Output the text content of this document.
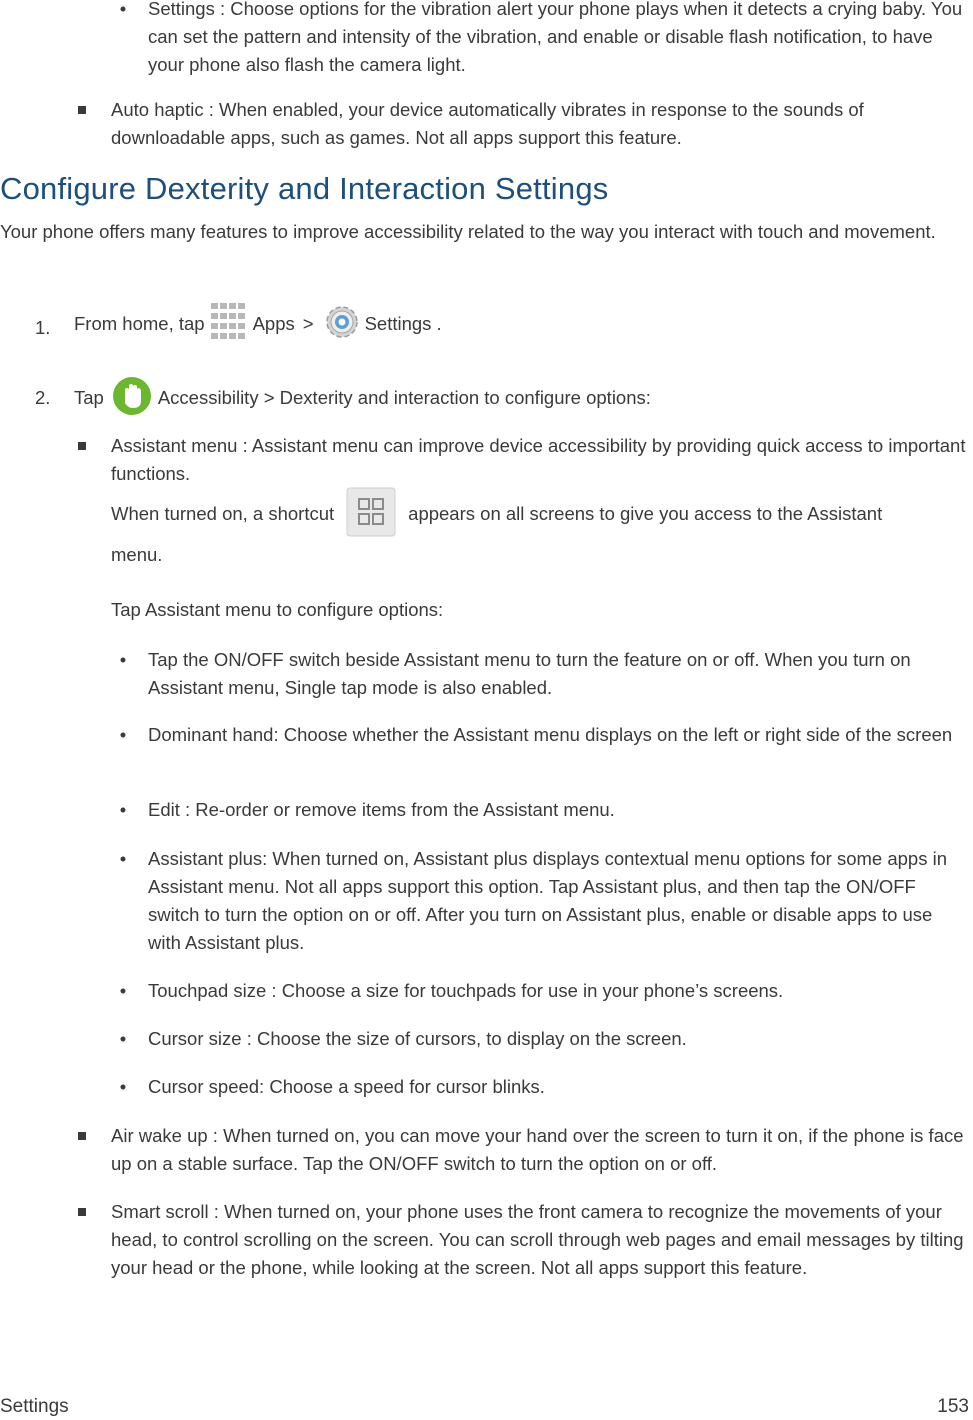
•	Settings : Choose options for the vibration alert your phone plays when it detects a crying baby. You can set the pattern and intensity of the vibration, and enable or disable flash notification, to have your phone also flash the camera light.
Auto haptic : When enabled, your device automatically vibrates in response to the sounds of downloadable apps, such as games. Not all apps support this feature.
Configure Dexterity and Interaction Settings
Your phone offers many features to improve accessibility related to the way you interact with touch and movement.
1. From home, tap	Apps >	Settings .
2. Tap	Accessibility > Dexterity and interaction to configure options:
Assistant menu : Assistant menu can improve device accessibility by providing quick access to important functions.
When turned on, a shortcut	appears on all screens to give you access to the Assistant
menu.
Tap Assistant menu to configure options:
•	Tap the ON/OFF switch beside Assistant menu to turn the feature on or off. When you turn on Assistant menu, Single tap mode is also enabled.
•	Dominant hand: Choose whether the Assistant menu displays on the left or right side of the screen
•	Edit : Re-order or remove items from the Assistant menu.
•	Assistant plus: When turned on, Assistant plus displays contextual menu options for some apps in Assistant menu. Not all apps support this option. Tap Assistant plus, and then tap the ON/OFF switch to turn the option on or off. After you turn on Assistant plus, enable or disable apps to use with Assistant plus.
•	Touchpad size : Choose a size for touchpads for use in your phone’s screens.
•	Cursor size : Choose the size of cursors, to display on the screen.
•	Cursor speed: Choose a speed for cursor blinks.
Air wake up : When turned on, you can move your hand over the screen to turn it on, if the phone is face up on a stable surface. Tap the ON/OFF switch to turn the option on or off.
Smart scroll : When turned on, your phone uses the front camera to recognize the movements of your head, to control scrolling on the screen. You can scroll through web pages and email messages by tilting your head or the phone, while looking at the screen. Not all apps support this feature.
Settings	153
